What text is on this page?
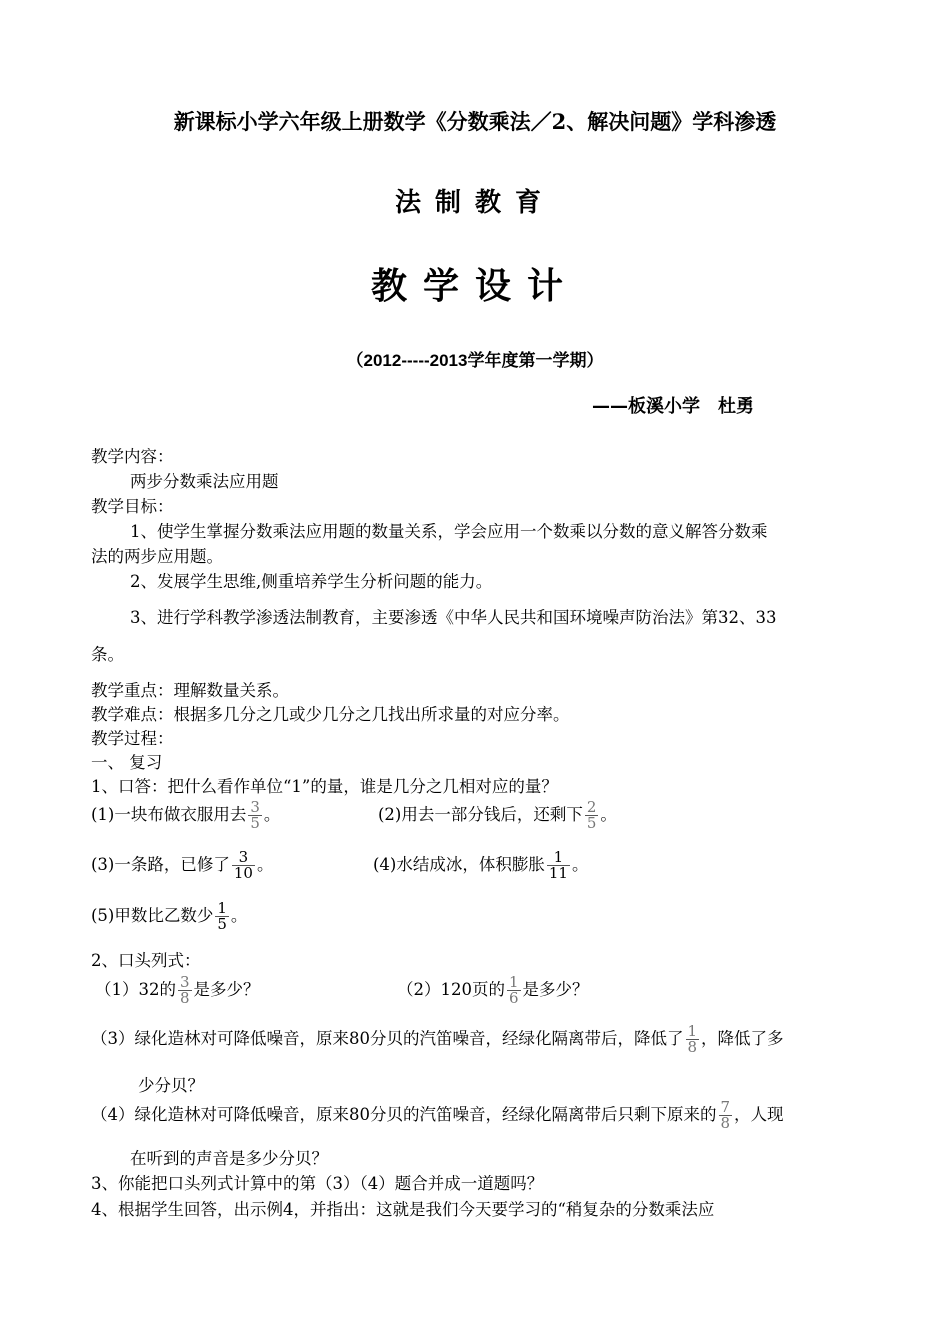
新课标小学六年级上册数学《分数乘法／2、解决问题》学科渗透
法制教育
教学设计
（2012-----2013学年度第一学期）
——板溪小学　杜勇
教学内容：
两步分数乘法应用题
教学目标：
1、使学生掌握分数乘法应用题的数量关系，学会应用一个数乘以分数的意义解答分数乘
法的两步应用题。
2、发展学生思维,侧重培养学生分析问题的能力。
3、进行学科教学渗透法制教育，主要渗透《中华人民共和国环境噪声防治法》第32、33
条。
教学重点：理解数量关系。
教学难点：根据多几分之几或少几分之几找出所求量的对应分率。
教学过程：
一、 复习
1、口答：把什么看作单位“1”的量，谁是几分之几相对应的量？
(1)一块布做衣服用去 $\frac{3}{5}$ 。	(2)用去一部分钱后，还剩下 $\frac{2}{5}$ 。
(3)一条路，已修了 $\frac{3}{10}$ 。	(4)水结成冰，体积膨胀 $\frac{1}{11}$ 。
(5)甲数比乙数少 $\frac{1}{5}$ 。
2、口头列式：
（1）32的 $\frac{3}{8}$ 是多少？	（2）120页的 $\frac{1}{6}$ 是多少？
（3）绿化造林对可降低噪音，原来80分贝的汽笛噪音，经绿化隔离带后，降低了 $\frac{1}{8}$ ，降低了多
少分贝？
（4）绿化造林对可降低噪音，原来80分贝的汽笛噪音，经绿化隔离带后只剩下原来的 $\frac{7}{8}$ ，人现
在听到的声音是多少分贝？
3、你能把口头列式计算中的第（3）（4）题合并成一道题吗？
4、根据学生回答，出示例4，并指出：这就是我们今天要学习的“稍复杂的分数乘法应
